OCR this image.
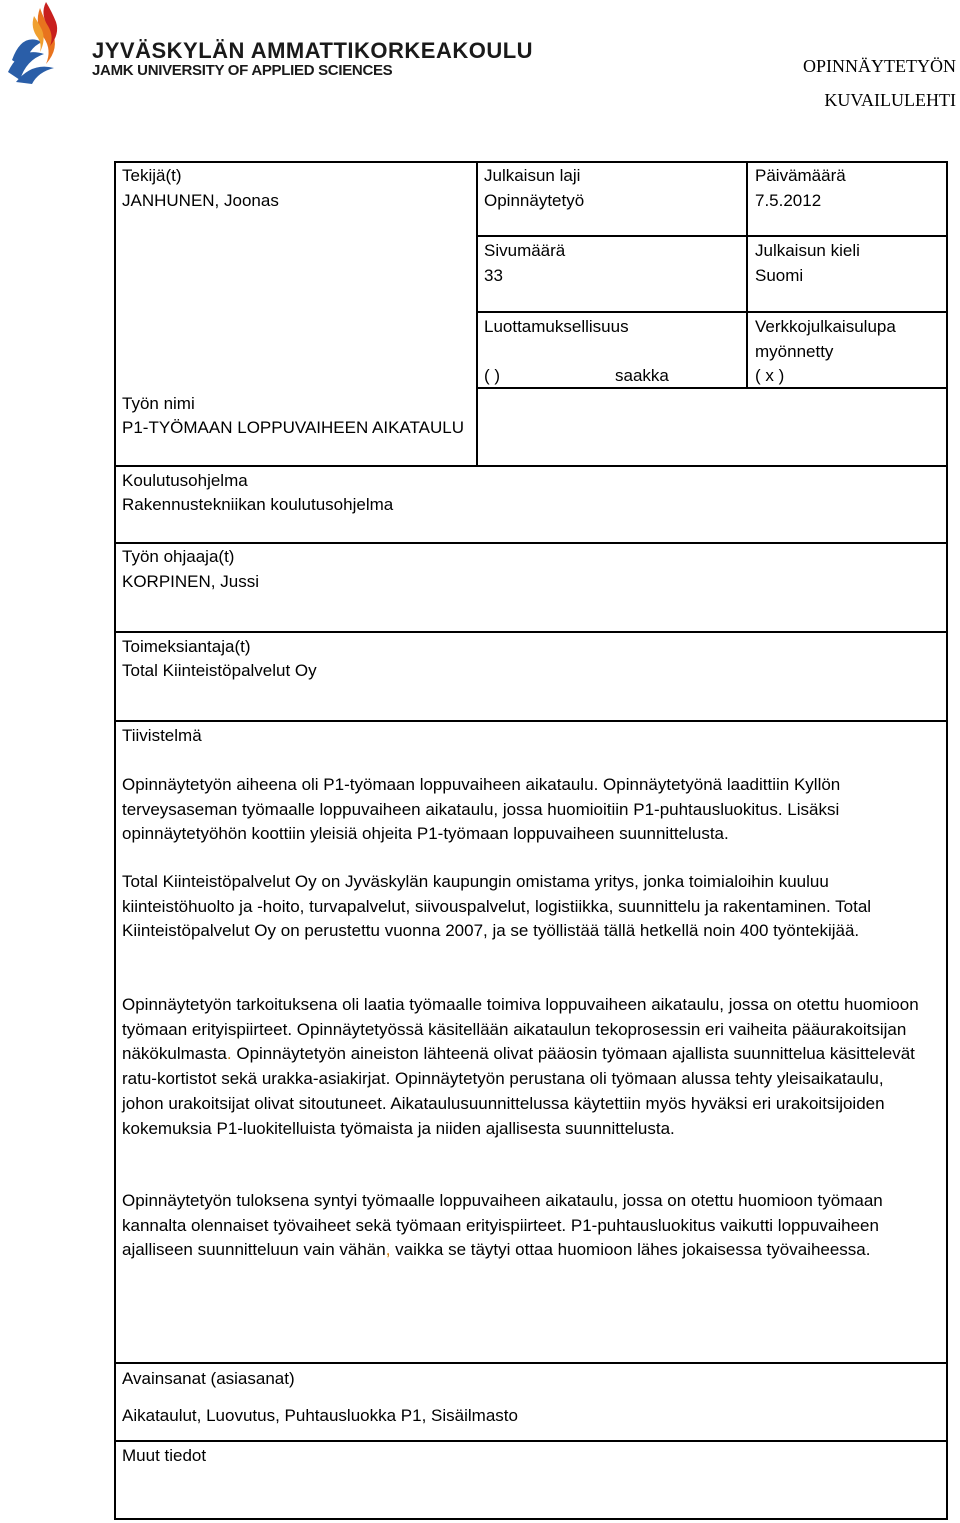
JYVÄSKYLÄN AMMATTIKORKEAKOULU
JAMK UNIVERSITY OF APPLIED SCIENCES	OPINNÄYTETYÖN
KUVAILULEHTI
Tekijä(t)
JANHUNEN, Joonas
Julkaisun laji
Opinnäytetyö
Päivämäärä
7.5.2012
Sivumäärä
33
Julkaisun kieli
Suomi
Luottamuksellisuus
( )	saakka
Verkkojulkaisulupa
myönnetty
( x )
Työn nimi
P1-TYÖMAAN LOPPUVAIHEEN AIKATAULU
Koulutusohjelma
Rakennustekniikan koulutusohjelma
Työn ohjaaja(t)
KORPINEN, Jussi
Toimeksiantaja(t)
Total Kiinteistöpalvelut Oy
Tiivistelmä

Opinnäytetyön aiheena oli P1-työmaan loppuvaiheen aikataulu. Opinnäytetyönä laadittiin Kyllön terveysaseman työmaalle loppuvaiheen aikataulu, jossa huomioitiin P1-puhtausluokitus. Lisäksi opinnäytetyöhön koottiin yleisiä ohjeita P1-työmaan loppuvaiheen suunnittelusta.

Total Kiinteistöpalvelut Oy on Jyväskylän kaupungin omistama yritys, jonka toimialoihin kuuluu kiinteistöhuolto ja -hoito, turvapalvelut, siivouspalvelut, logistiikka, suunnittelu ja rakentaminen. Total Kiinteistöpalvelut Oy on perustettu vuonna 2007, ja se työllistää tällä hetkellä noin 400 työntekijää.

Opinnäytetyön tarkoituksena oli laatia työmaalle toimiva loppuvaiheen aikataulu, jossa on otettu huomioon työmaan erityispiirteet. Opinnäytetyössä käsitellään aikataulun tekoprosessin eri vaiheita pääurakoitsijan näkökulmasta. Opinnäytetyön aineiston lähteenä olivat pääosin työmaan ajallista suunnittelua käsittelevät ratu-kortistot sekä urakka-asiakirjat. Opinnäytetyön perustana oli työmaan alussa tehty yleisaikataulu, johon urakoitsijat olivat sitoutuneet. Aikataulusuunnittelussa käytettiin myös hyväksi eri urakoitsijoiden kokemuksia P1-luokitelluista työmaista ja niiden ajallisesta suunnittelusta.

Opinnäytetyön tuloksena syntyi työmaalle loppuvaiheen aikataulu, jossa on otettu huomioon työmaan kannalta olennaiset työvaiheet sekä työmaan erityispiirteet. P1-puhtausluokitus vaikutti loppuvaiheen ajalliseen suunnitteluun vain vähän, vaikka se täytyi ottaa huomioon lähes jokaisessa työvaiheessa.

Avainsanat (asiasanat)
Aikataulut, Luovutus, Puhtausluokka P1, Sisäilmasto
Muut tiedot
